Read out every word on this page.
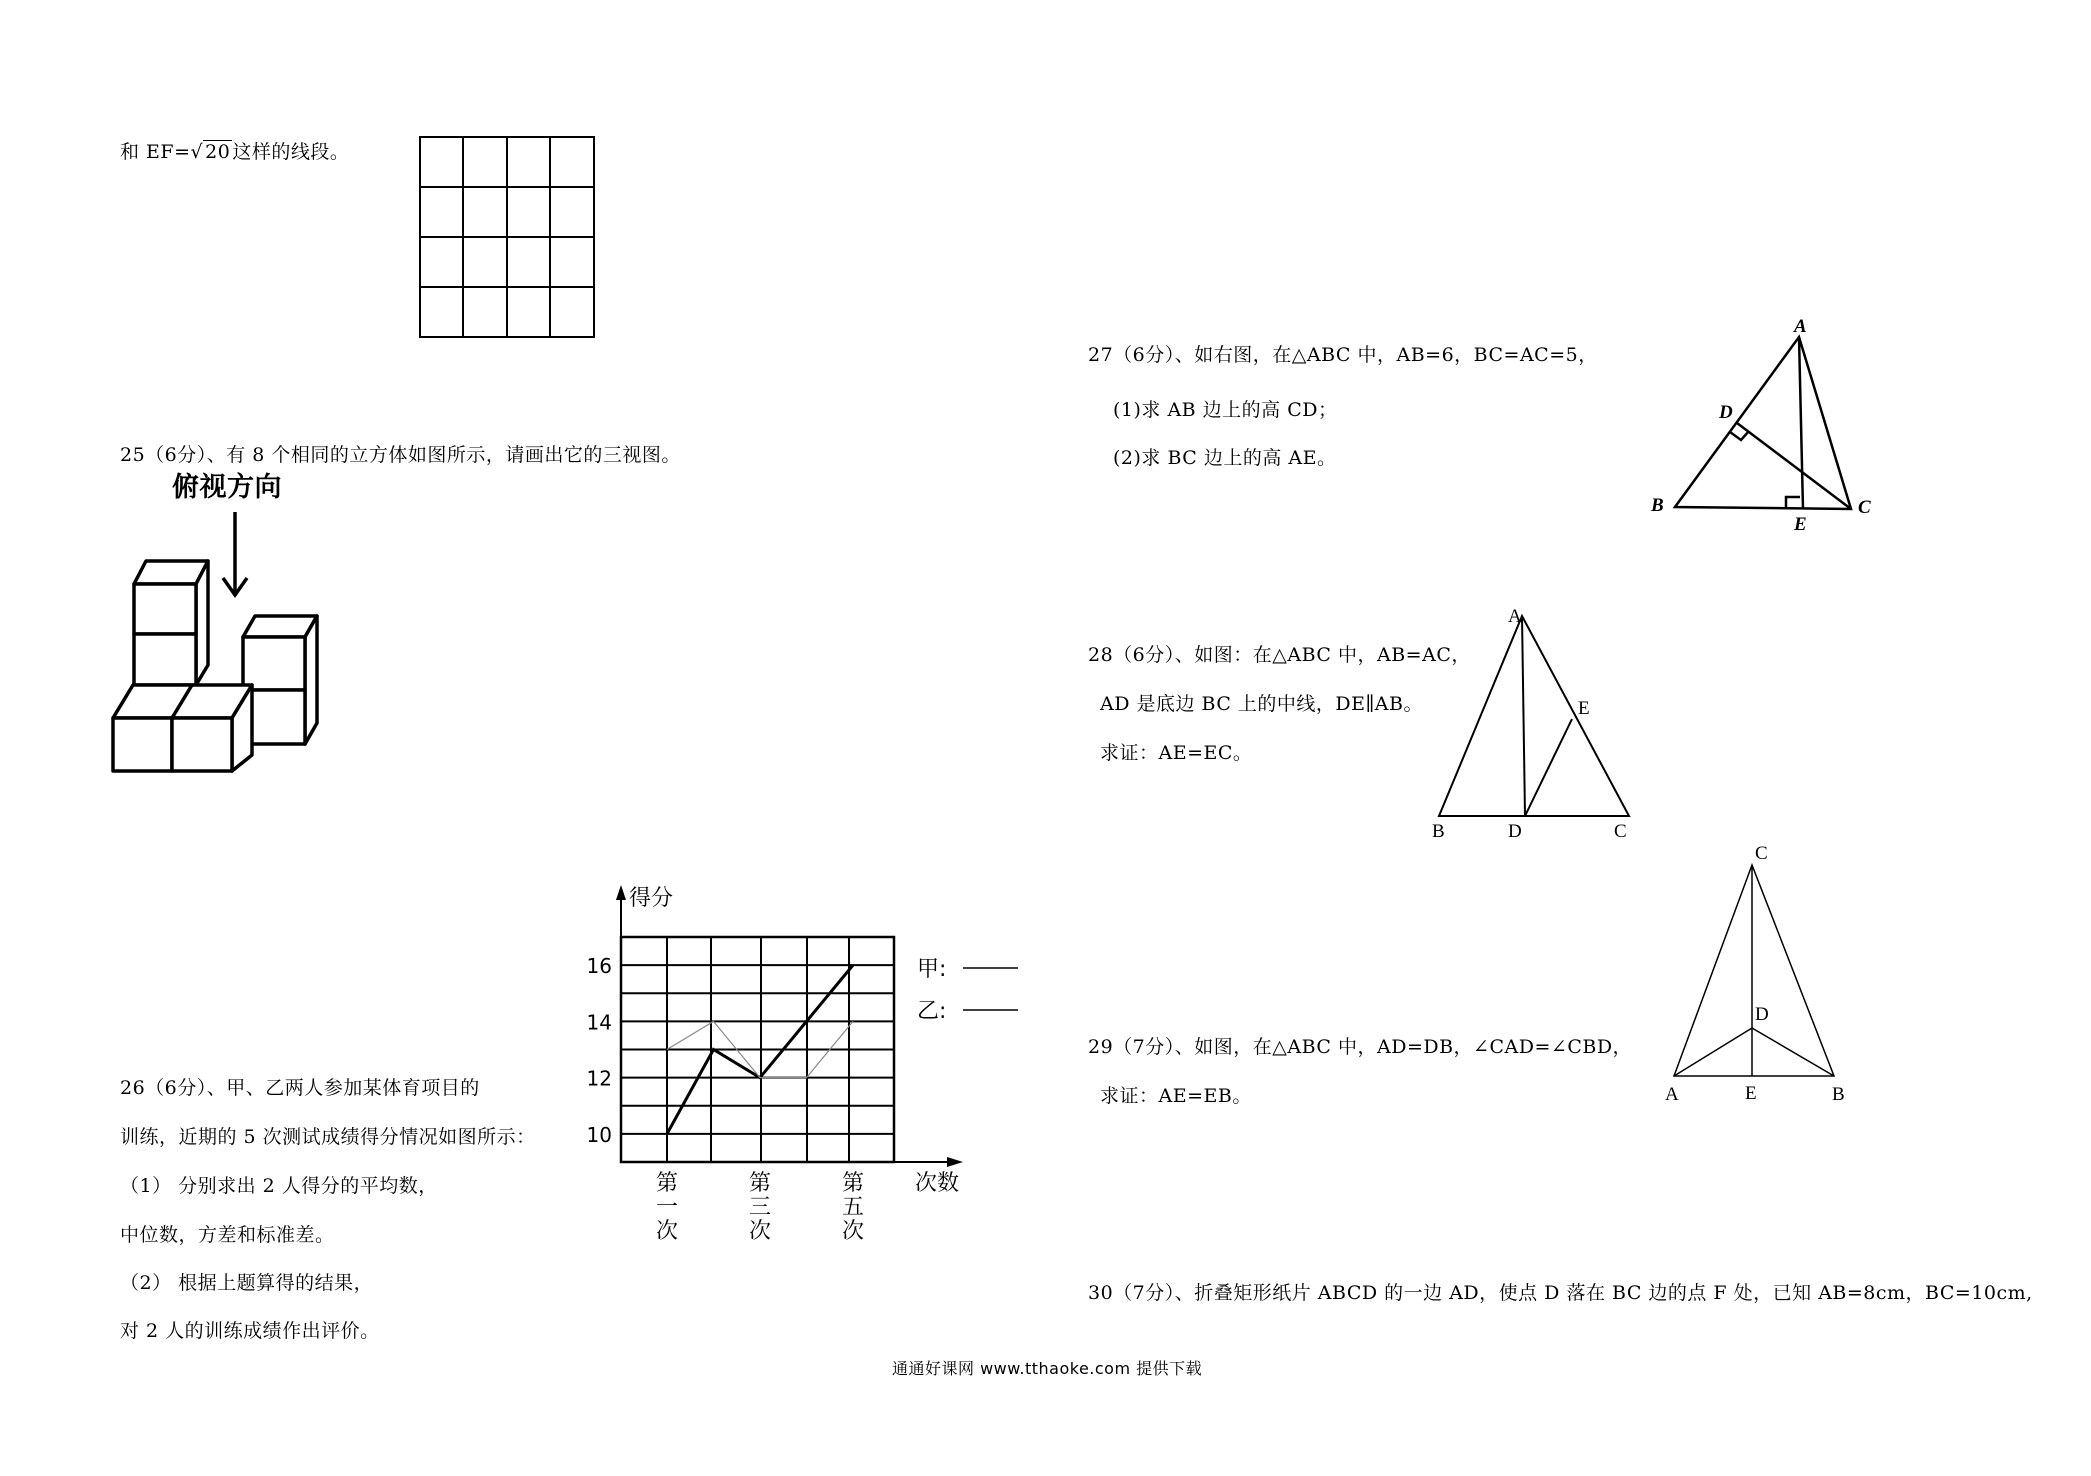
和 EF=√ 20 这样的线段。
25（6分）、有 8 个相同的立方体如图所示，请画出它的三视图。
俯视方向
26（6分）、甲、乙两人参加某体育项目的
训练，近期的 5 次测试成绩得分情况如图所示：
（1） 分别求出 2 人得分的平均数，
中位数，方差和标准差。
（2） 根据上题算得的结果，
对 2 人的训练成绩作出评价。
得分
次数
10
12
14
16
第
一
次
第
三
次
第
五
次
甲:
乙:
27（6分）、如右图，在△ABC 中，AB=6，BC=AC=5，
(1)求 AB 边上的高 CD；
(2)求 BC 边上的高 AE。
A
D
B
E
C
28（6分）、如图：在△ABC 中，AB=AC，
AD 是底边 BC 上的中线，DE∥AB。
求证：AE=EC。
A
E
B	D	C
29（7分）、如图，在△ABC 中，AD=DB，∠CAD=∠CBD，
求证：AE=EB。
C
D
A	E	B
30（7分）、折叠矩形纸片 ABCD 的一边 AD，使点 D 落在 BC 边的点 F 处，已知 AB=8cm，BC=10cm,
通通好课网 www.tthaoke.com 提供下载
